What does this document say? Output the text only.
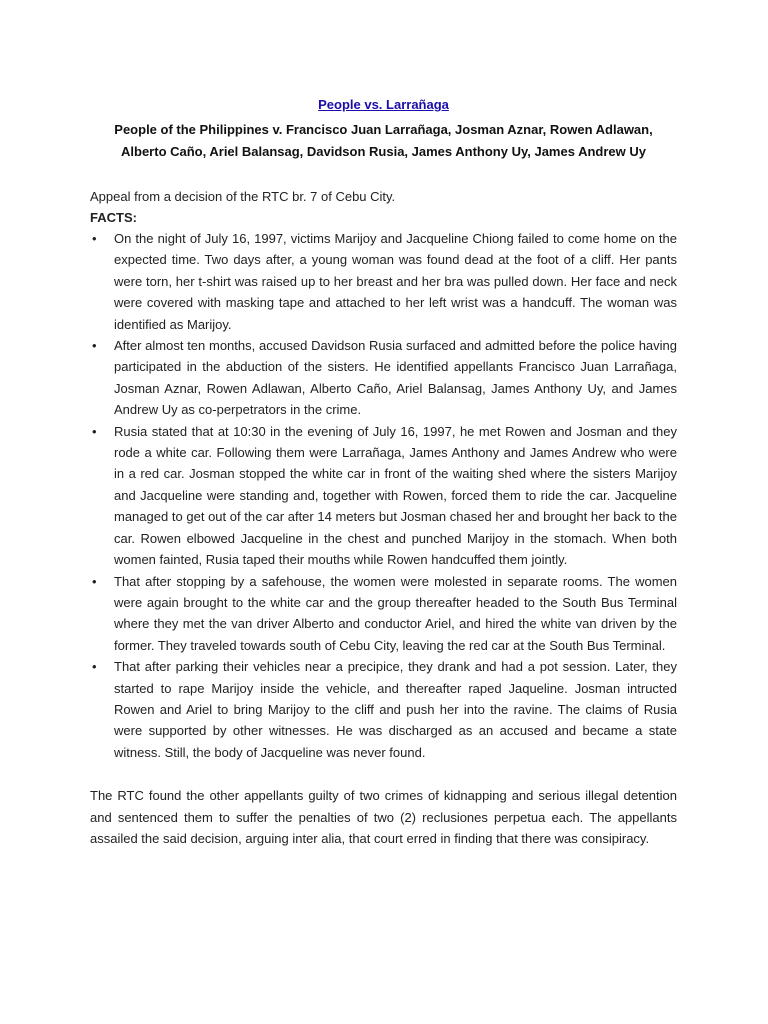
People vs. Larrañaga

People of the Philippines v. Francisco Juan Larrañaga, Josman Aznar, Rowen Adlawan, Alberto Caño, Ariel Balansag, Davidson Rusia, James Anthony Uy, James Andrew Uy

Appeal from a decision of the RTC br. 7 of Cebu City.

FACTS:

• On the night of July 16, 1997, victims Marijoy and Jacqueline Chiong failed to come home on the expected time. Two days after, a young woman was found dead at the foot of a cliff. Her pants were torn, her t-shirt was raised up to her breast and her bra was pulled down. Her face and neck were covered with masking tape and attached to her left wrist was a handcuff. The woman was identified as Marijoy.
• After almost ten months, accused Davidson Rusia surfaced and admitted before the police having participated in the abduction of the sisters. He identified appellants Francisco Juan Larrañaga, Josman Aznar, Rowen Adlawan, Alberto Caño, Ariel Balansag, James Anthony Uy, and James Andrew Uy as co-perpetrators in the crime.
• Rusia stated that at 10:30 in the evening of July 16, 1997, he met Rowen and Josman and they rode a white car. Following them were Larrañaga, James Anthony and James Andrew who were in a red car. Josman stopped the white car in front of the waiting shed where the sisters Marijoy and Jacqueline were standing and, together with Rowen, forced them to ride the car. Jacqueline managed to get out of the car after 14 meters but Josman chased her and brought her back to the car. Rowen elbowed Jacqueline in the chest and punched Marijoy in the stomach. When both women fainted, Rusia taped their mouths while Rowen handcuffed them jointly.
• That after stopping by a safehouse, the women were molested in separate rooms. The women were again brought to the white car and the group thereafter headed to the South Bus Terminal where they met the van driver Alberto and conductor Ariel, and hired the white van driven by the former. They traveled towards south of Cebu City, leaving the red car at the South Bus Terminal.
• That after parking their vehicles near a precipice, they drank and had a pot session. Later, they started to rape Marijoy inside the vehicle, and thereafter raped Jaqueline. Josman intructed Rowen and Ariel to bring Marijoy to the cliff and push her into the ravine. The claims of Rusia were supported by other witnesses. He was discharged as an accused and became a state witness. Still, the body of Jacqueline was never found.

The RTC found the other appellants guilty of two crimes of kidnapping and serious illegal detention and sentenced them to suffer the penalties of two (2) reclusiones perpetua each. The appellants assailed the said decision, arguing inter alia, that court erred in finding that there was consipiracy.
